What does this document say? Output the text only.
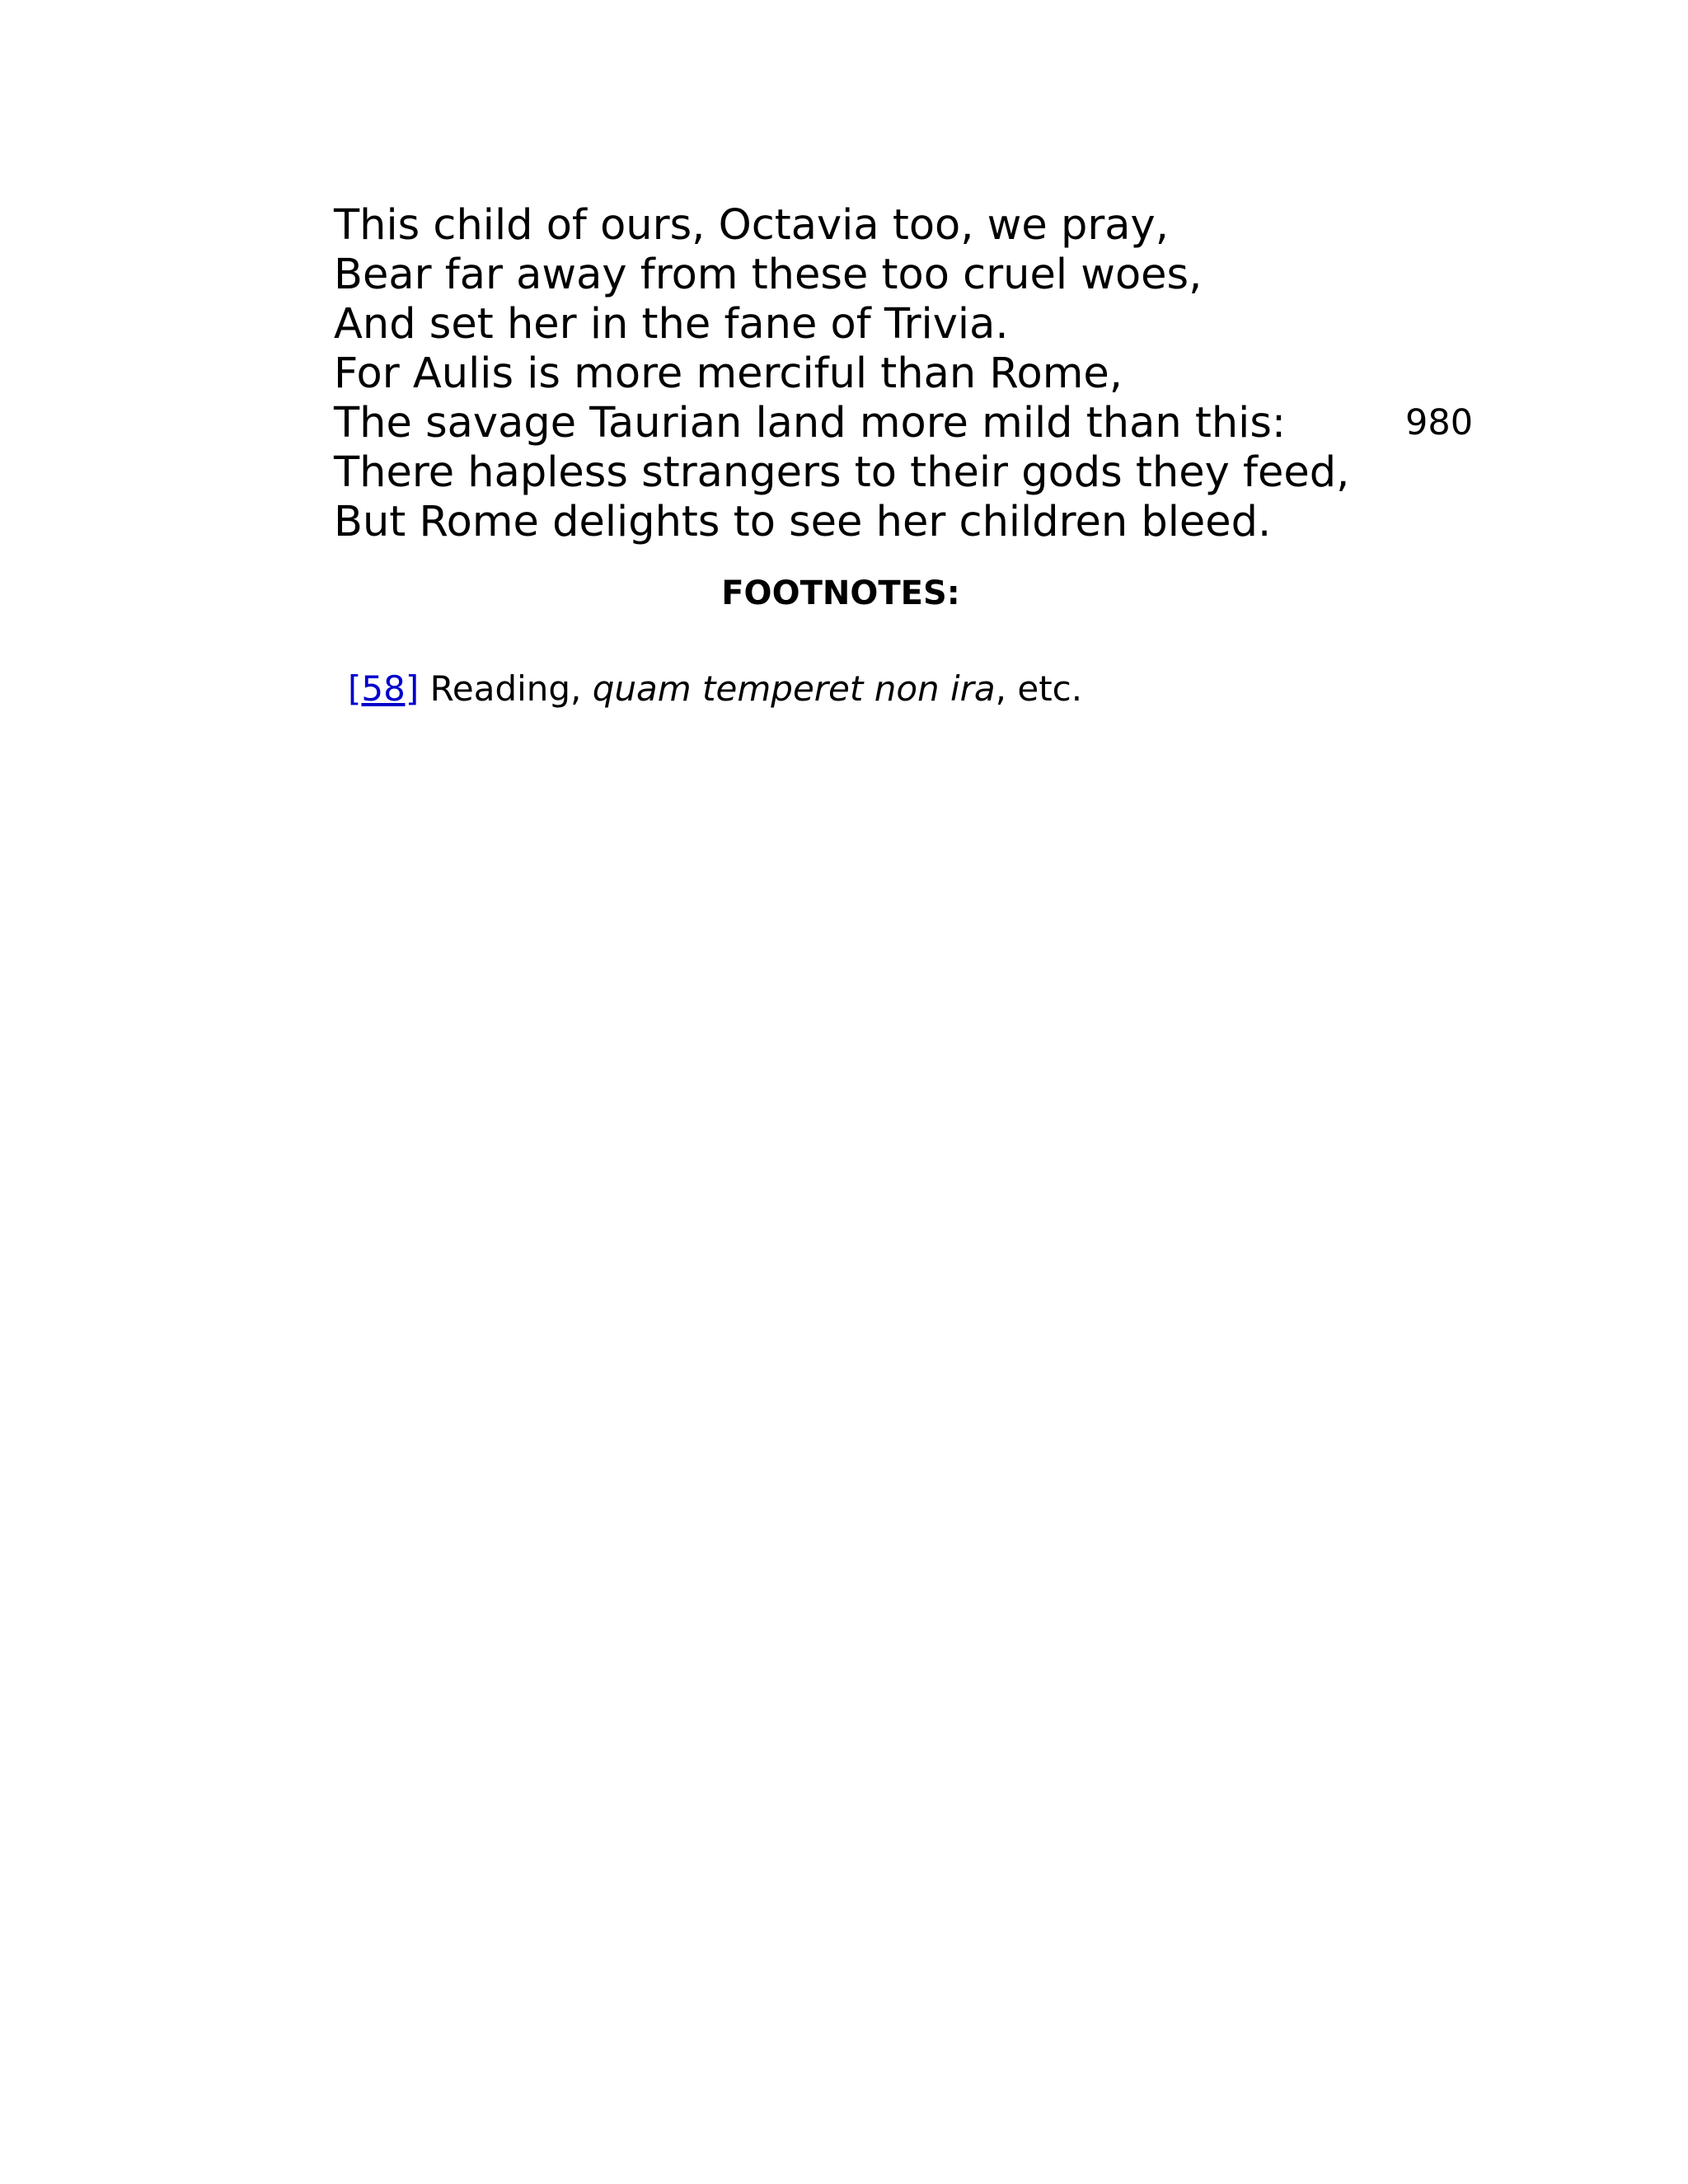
This child of ours, Octavia too, we pray,
Bear far away from these too cruel woes,
And set her in the fane of Trivia.
For Aulis is more merciful than Rome,
The savage Taurian land more mild than this:
There hapless strangers to their gods they feed,
But Rome delights to see her children bleed.
980
FOOTNOTES:
[58] Reading, quam temperet non ira, etc.
